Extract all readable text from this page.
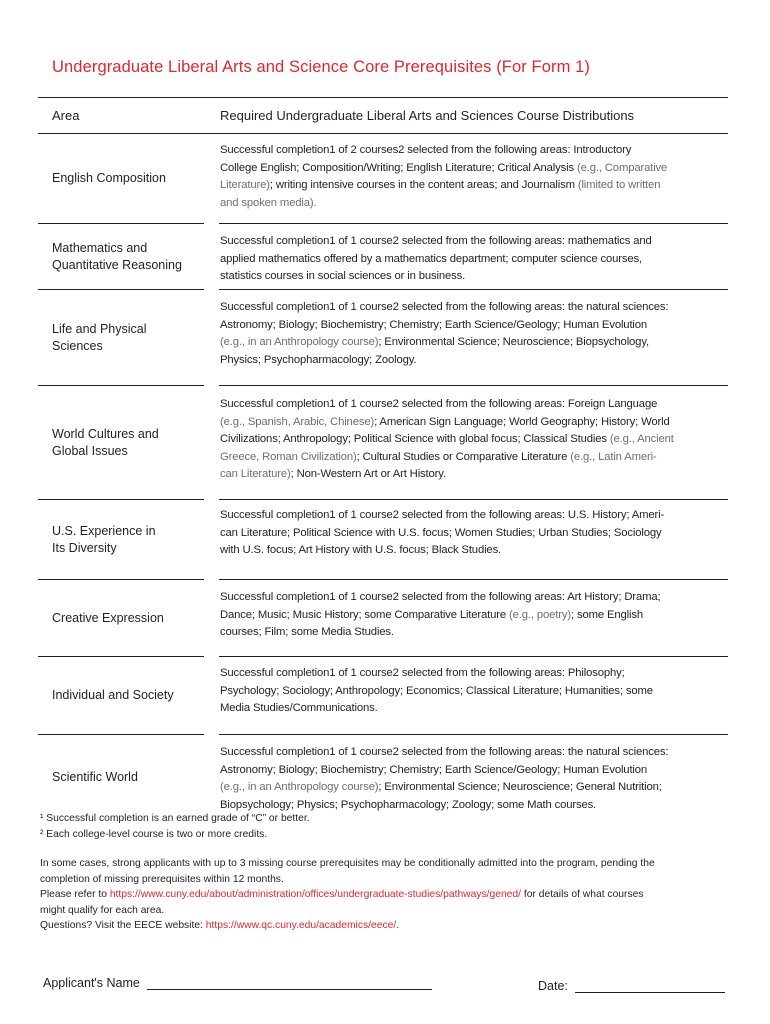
Undergraduate Liberal Arts and Science Core Prerequisites (For Form 1)
Area	Required Undergraduate Liberal Arts and Sciences Course Distributions
English Composition
Successful completion1 of 2 courses2 selected from the following areas: Introductory
College English; Composition/Writing; English Literature; Critical Analysis (e.g., Comparative
Literature); writing intensive courses in the content areas; and Journalism (limited to written
and spoken media).
Mathematics and
Quantitative Reasoning
Successful completion1 of 1 course2 selected from the following areas: mathematics and
applied mathematics offered by a mathematics department; computer science courses,
statistics courses in social sciences or in business.
Life and Physical
Sciences
Successful completion1 of 1 course2 selected from the following areas: the natural sciences:
Astronomy; Biology; Biochemistry; Chemistry; Earth Science/Geology; Human Evolution
(e.g., in an Anthropology course); Environmental Science; Neuroscience; Biopsychology,
Physics; Psychopharmacology; Zoology.
World Cultures and
Global Issues
Successful completion1 of 1 course2 selected from the following areas: Foreign Language
(e.g., Spanish, Arabic, Chinese); American Sign Language; World Geography; History; World
Civilizations; Anthropology; Political Science with global focus; Classical Studies (e.g., Ancient
Greece, Roman Civilization); Cultural Studies or Comparative Literature (e.g., Latin Ameri-
can Literature); Non-Western Art or Art History.
U.S. Experience in
Its Diversity
Successful completion1 of 1 course2 selected from the following areas: U.S. History; Ameri-
can Literature; Political Science with U.S. focus; Women Studies; Urban Studies; Sociology
with U.S. focus; Art History with U.S. focus; Black Studies.
Creative Expression
Successful completion1 of 1 course2 selected from the following areas: Art History; Drama;
Dance; Music; Music History; some Comparative Literature (e.g., poetry); some English
courses; Film; some Media Studies.
Individual and Society
Successful completion1 of 1 course2 selected from the following areas: Philosophy;
Psychology; Sociology; Anthropology; Economics; Classical Literature; Humanities; some
Media Studies/Communications.
Scientific World
Successful completion1 of 1 course2 selected from the following areas: the natural sciences:
Astronomy; Biology; Biochemistry; Chemistry; Earth Science/Geology; Human Evolution
(e.g., in an Anthropology course); Environmental Science; Neuroscience; General Nutrition;
Biopsychology; Physics; Psychopharmacology; Zoology; some Math courses.
¹ Successful completion is an earned grade of “C” or better.
² Each college-level course is two or more credits.
In some cases, strong applicants with up to 3 missing course prerequisites may be conditionally admitted into the program, pending the
completion of missing prerequisites within 12 months.
Please refer to https://www.cuny.edu/about/administration/offices/undergraduate-studies/pathways/gened/ for details of what courses
might qualify for each area.
Questions? Visit the EECE website: https://www.qc.cuny.edu/academics/eece/.
Applicant's Name	Date:
